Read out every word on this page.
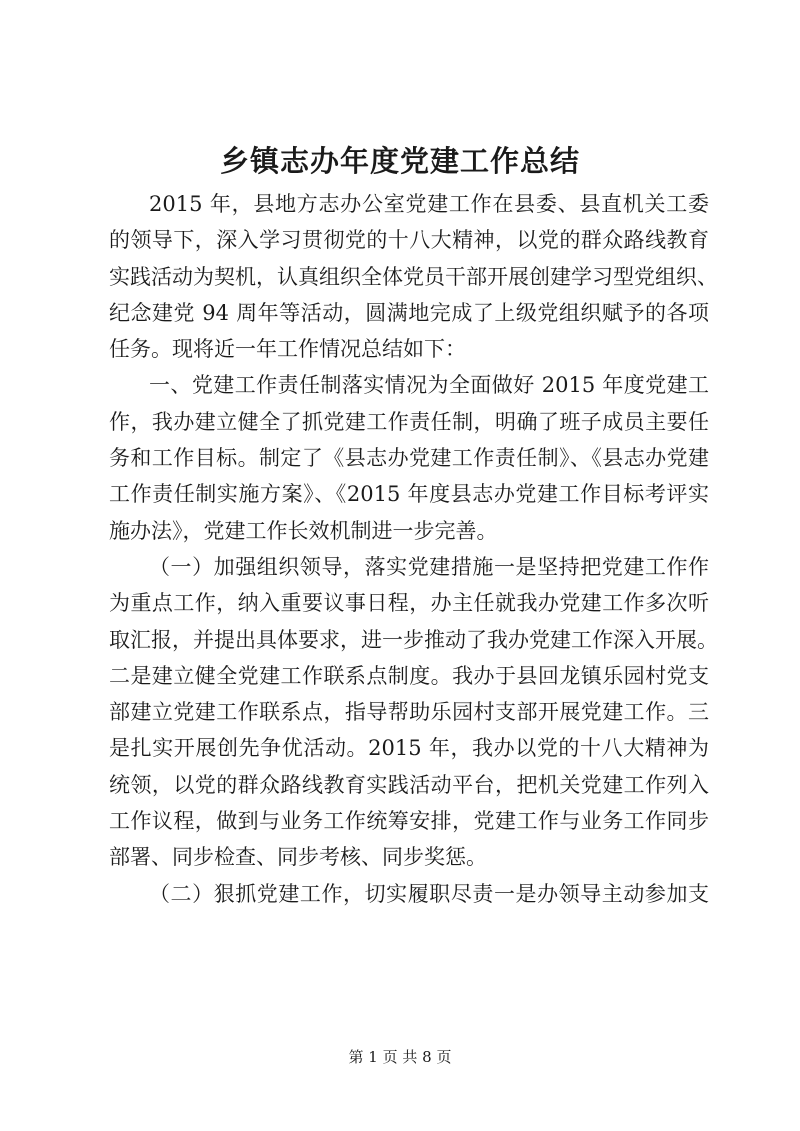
乡镇志办年度党建工作总结
2015 年，县地方志办公室党建工作在县委、县直机关工委
的领导下，深入学习贯彻党的十八大精神，以党的群众路线教育
实践活动为契机，认真组织全体党员干部开展创建学习型党组织、
纪念建党 94 周年等活动，圆满地完成了上级党组织赋予的各项
任务。现将近一年工作情况总结如下：
一、党建工作责任制落实情况为全面做好 2015 年度党建工
作，我办建立健全了抓党建工作责任制，明确了班子成员主要任
务和工作目标。制定了《县志办党建工作责任制》、《县志办党建
工作责任制实施方案》、《2015 年度县志办党建工作目标考评实
施办法》，党建工作长效机制进一步完善。
（一）加强组织领导，落实党建措施一是坚持把党建工作作
为重点工作，纳入重要议事日程，办主任就我办党建工作多次听
取汇报，并提出具体要求，进一步推动了我办党建工作深入开展。
二是建立健全党建工作联系点制度。我办于县回龙镇乐园村党支
部建立党建工作联系点，指导帮助乐园村支部开展党建工作。三
是扎实开展创先争优活动。2015 年，我办以党的十八大精神为
统领，以党的群众路线教育实践活动平台，把机关党建工作列入
工作议程，做到与业务工作统筹安排，党建工作与业务工作同步
部署、同步检查、同步考核、同步奖惩。
（二）狠抓党建工作，切实履职尽责一是办领导主动参加支
第 1 页 共 8 页
